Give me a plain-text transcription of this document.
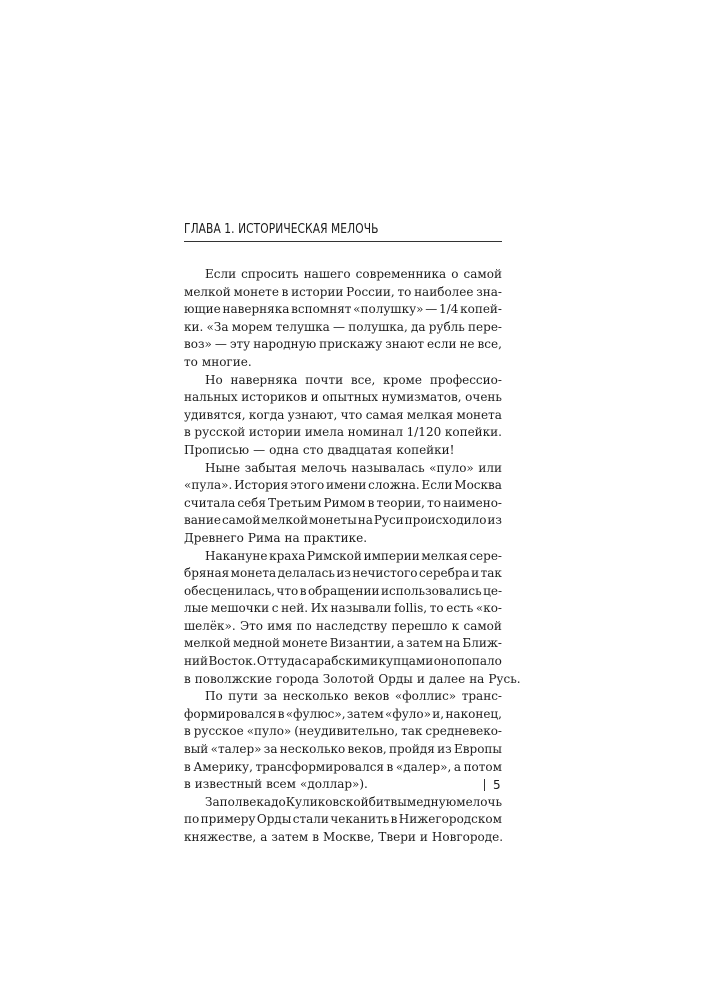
ГЛАВА 1. ИСТОРИЧЕСКАЯ МЕЛОЧЬ
Если спросить нашего современника о самой
мелкой монете в истории России, то наиболее зна-
ющие наверняка вспомнят «полушку» — 1/4 копей-
ки. «За морем телушка — полушка, да рубль пере-
воз» — эту народную прискажу знают если не все,
то многие.
Но наверняка почти все, кроме профессио-
нальных историков и опытных нумизматов, очень
удивятся, когда узнают, что самая мелкая монета
в русской истории имела номинал 1/120 копейки.
Прописью — одна сто двадцатая копейки!
Ныне забытая мелочь называлась «пуло» или
«пула». История этого имени сложна. Если Москва
считала себя Третьим Римом в теории, то наимено-
вание самой мелкой монеты на Руси происходило из
Древнего Рима на практике.
Накануне краха Римской империи мелкая сере-
бряная монета делалась из нечистого серебра и так
обесценилась, что в обращении использовались це-
лые мешочки с ней. Их называли follis, то есть «ко-
шелёк». Это имя по наследству перешло к самой
мелкой медной монете Византии, а затем на Ближ-
ний Восток. Оттуда с арабскими купцами оно попало
в поволжские города Золотой Орды и далее на Русь.
По пути за несколько веков «фоллис» транс-
формировался в «фулюс», затем «фуло» и, наконец,
в русское «пуло» (неудивительно, так средневеко-
вый «талер» за несколько веков, пройдя из Европы
в Америку, трансформировался в «далер», а потом
в известный всем «доллар»).
За полвека до Куликовской битвы медную мелочь
по примеру Орды стали чеканить в Нижегородском
княжестве, а затем в Москве, Твери и Новгороде.
5
